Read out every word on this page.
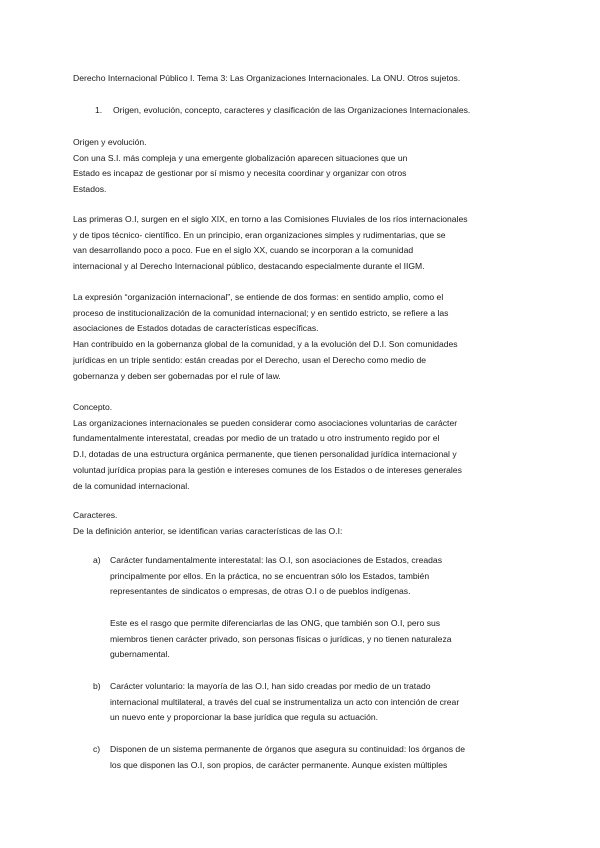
Derecho Internacional Público I. Tema 3: Las Organizaciones Internacionales. La ONU. Otros sujetos.

1. Origen, evolución, concepto, caracteres y clasificación de las Organizaciones Internacionales.

Origen y evolución.
Con una S.I. más compleja y una emergente globalización aparecen situaciones que un
Estado es incapaz de gestionar por sí mismo y necesita coordinar y organizar con otros
Estados.

Las primeras O.I, surgen en el siglo XIX, en torno a las Comisiones Fluviales de los ríos internacionales
y de tipos técnico- científico. En un principio, eran organizaciones simples y rudimentarias, que se
van desarrollando poco a poco. Fue en el siglo XX, cuando se incorporan a la comunidad
internacional y al Derecho Internacional público, destacando especialmente durante el IIGM.

La expresión “organización internacional”, se entiende de dos formas: en sentido amplio, como el
proceso de institucionalización de la comunidad internacional; y en sentido estricto, se refiere a las
asociaciones de Estados dotadas de características específicas.
Han contribuido en la gobernanza global de la comunidad, y a la evolución del D.I. Son comunidades
jurídicas en un triple sentido: están creadas por el Derecho, usan el Derecho como medio de
gobernanza y deben ser gobernadas por el rule of law.

Concepto.
Las organizaciones internacionales se pueden considerar como asociaciones voluntarias de carácter
fundamentalmente interestatal, creadas por medio de un tratado u otro instrumento regido por el
D.I, dotadas de una estructura orgánica permanente, que tienen personalidad jurídica internacional y
voluntad jurídica propias para la gestión e intereses comunes de los Estados o de intereses generales
de la comunidad internacional.

Caracteres.
De la definición anterior, se identifican varias características de las O.I:

a) Carácter fundamentalmente interestatal: las O.I, son asociaciones de Estados, creadas
principalmente por ellos. En la práctica, no se encuentran sólo los Estados, también
representantes de sindicatos o empresas, de otras O.I o de pueblos indígenas.
Este es el rasgo que permite diferenciarlas de las ONG, que también son O.I, pero sus
miembros tienen carácter privado, son personas físicas o jurídicas, y no tienen naturaleza
gubernamental.
b) Carácter voluntario: la mayoría de las O.I, han sido creadas por medio de un tratado
internacional multilateral, a través del cual se instrumentaliza un acto con intención de crear
un nuevo ente y proporcionar la base jurídica que regula su actuación.
c) Disponen de un sistema permanente de órganos que asegura su continuidad: los órganos de
los que disponen las O.I, son propios, de carácter permanente. Aunque existen múltiples
